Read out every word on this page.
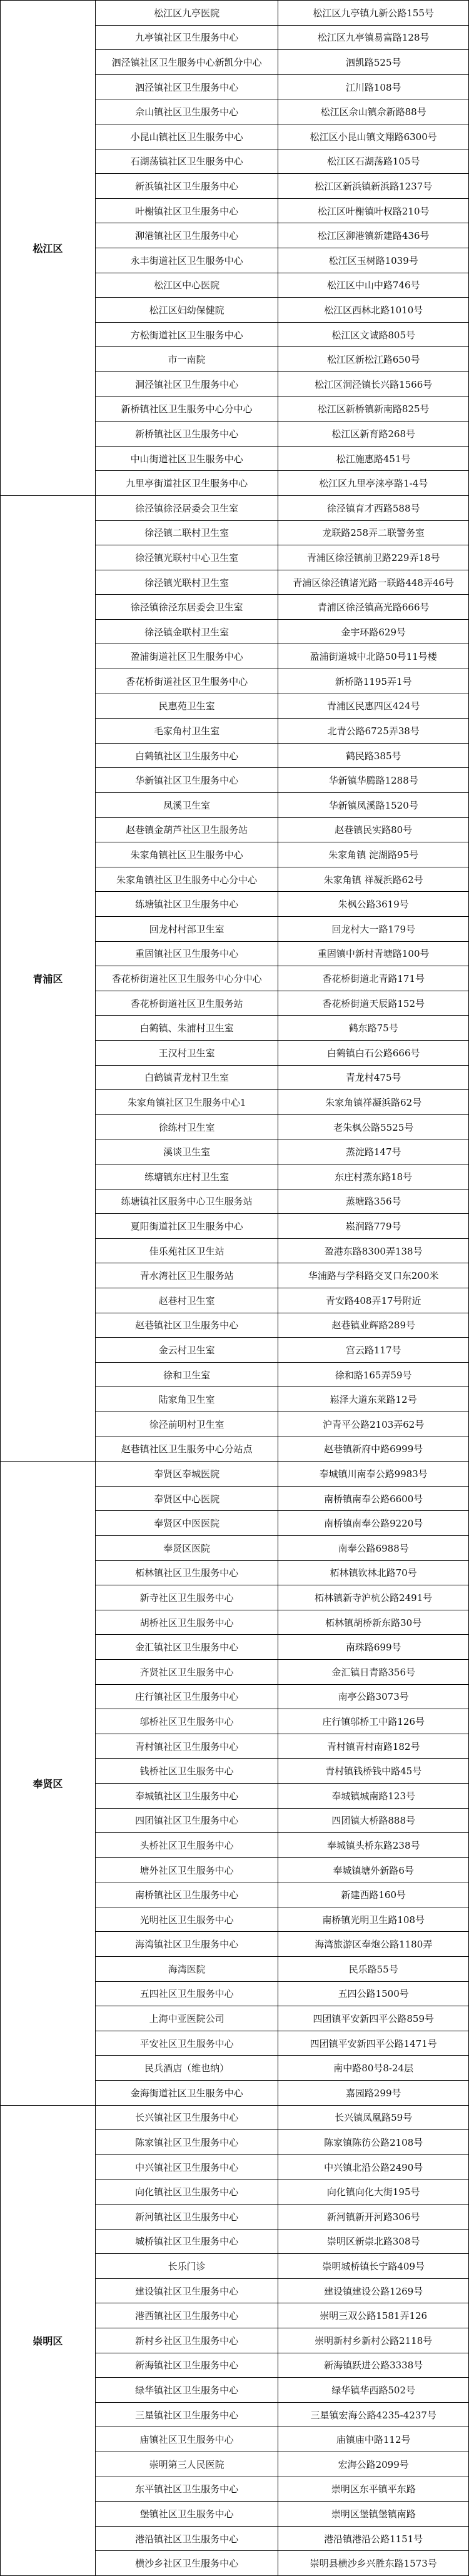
松江区
松江区九亭医院	松江区九亭镇九新公路155号
九亭镇社区卫生服务中心	松江区九亭镇易富路128号
泗泾镇社区卫生服务中心新凯分中心	泗凯路525号
泗泾镇社区卫生服务中心	江川路108号
佘山镇社区卫生服务中心	松江区佘山镇佘新路88号
小昆山镇社区卫生服务中心	松江区小昆山镇文翔路6300号
石湖荡镇社区卫生服务中心	松江区石湖荡路105号
新浜镇社区卫生服务中心	松江区新浜镇新浜路1237号
叶榭镇社区卫生服务中心	松江区叶榭镇叶权路210号
泖港镇社区卫生服务中心	松江区泖港镇新建路436号
永丰街道社区卫生服务中心	松江区玉树路1039号
松江区中心医院	松江区中山中路746号
松江区妇幼保健院	松江区西林北路1010号
方松街道社区卫生服务中心	松江区文诚路805号
市一南院	松江区新松江路650号
洞泾镇社区卫生服务中心	松江区洞泾镇长兴路1566号
新桥镇社区卫生服务中心分中心	松江区新桥镇新南路825号
新桥镇社区卫生服务中心	松江区新育路268号
中山街道社区卫生服务中心	松江施惠路451号
九里亭街道社区卫生服务中心	松江区九里亭涞亭路1-4号
青浦区
徐泾镇徐泾居委会卫生室	徐泾镇育才西路588号
徐泾镇二联村卫生室	龙联路258弄二联警务室
徐泾镇光联村中心卫生室	青浦区徐泾镇前卫路229弄18号
徐泾镇光联村卫生室	青浦区徐泾镇诸光路一联路448弄46号
徐泾镇徐泾东居委会卫生室	青浦区徐泾镇高光路666号
徐泾镇金联村卫生室	金宇环路629号
盈浦街道社区卫生服务中心	盈浦街道城中北路50号11号楼
香花桥街道社区卫生服务中心	新桥路1195弄1号
民惠苑卫生室	青浦区民惠四区424号
毛家角村卫生室	北青公路6725弄38号
白鹤镇社区卫生服务中心	鹤民路385号
华新镇社区卫生服务中心	华新镇华腾路1288号
凤溪卫生室	华新镇凤溪路1520号
赵巷镇金葫芦社区卫生服务站	赵巷镇民实路80号
朱家角镇社区卫生服务中心	朱家角镇 淀湖路95号
朱家角镇社区卫生服务中心分中心	朱家角镇 祥凝浜路62号
练塘镇社区卫生服务中心	朱枫公路3619号
回龙村村部卫生室	回龙村大一路179号
重固镇社区卫生服务中心	重固镇中新村青塘路100号
香花桥街道社区卫生服务中心分中心	香花桥街道北青路171号
香花桥街道社区卫生服务站	香花桥街道天辰路152号
白鹤镇、朱浦村卫生室	鹤东路75号
王汉村卫生室	白鹤镇白石公路666号
白鹤镇青龙村卫生室	青龙村475号
朱家角镇社区卫生服务中心1	朱家角镇祥凝浜路62号
徐练村卫生室	老朱枫公路5525号
溪谈卫生室	蒸淀路147号
练塘镇东庄村卫生室	东庄村蒸东路18号
练塘镇社区服务中心卫生服务站	蒸塘路356号
夏阳街道社区卫生服务中心	崧润路779号
佳乐苑社区卫生站	盈港东路8300弄138号
青水湾社区卫生服务站	华浦路与学科路交叉口东200米
赵巷村卫生室	青安路408弄17号附近
赵巷镇社区卫生服务中心	赵巷镇业辉路289号
金云村卫生室	宫云路117号
徐和卫生室	徐和路165弄59号
陆家角卫生室	崧泽大道东莱路12号
徐泾前明村卫生室	沪青平公路2103弄62号
赵巷镇社区卫生服务中心分站点	赵巷镇新府中路6999号
奉贤区
奉贤区奉城医院	奉城镇川南奉公路9983号
奉贤区中心医院	南桥镇南奉公路6600号
奉贤区中医医院	南桥镇南奉公路9220号
奉贤区医院	南奉公路6988号
柘林镇社区卫生服务中心	柘林镇钦林北路70号
新寺社区卫生服务中心	柘林镇新寺沪杭公路2491号
胡桥社区卫生服务中心	柘林镇胡桥新东路30号
金汇镇社区卫生服务中心	南珠路699号
齐贤社区卫生服务中心	金汇镇日青路356号
庄行镇社区卫生服务中心	南亭公路3073号
邬桥社区卫生服务中心	庄行镇邬桥工中路126号
青村镇社区卫生服务中心	青村镇青村南路182号
钱桥社区卫生服务中心	青村镇钱桥钱中路45号
奉城镇社区卫生服务中心	奉城镇城南路123号
四团镇社区卫生服务中心	四团镇大桥路888号
头桥社区卫生服务中心	奉城镇头桥东路238号
塘外社区卫生服务中心	奉城镇塘外新路6号
南桥镇社区卫生服务中心	新建西路160号
光明社区卫生服务中心	南桥镇光明卫生路108号
海湾镇社区卫生服务中心	海湾旅游区奉炮公路1180弄
海湾医院	民乐路55号
五四社区卫生服务中心	五四公路1500号
上海中亚医院公司	四团镇平安新四平公路859号
平安社区卫生服务中心	四团镇平安新四平公路1471号
民兵酒店（维也纳）	南中路80号8-24层
金海街道社区卫生服务中心	嘉园路299号
崇明区
长兴镇社区卫生服务中心	长兴镇凤凰路59号
陈家镇社区卫生服务中心	陈家镇陈彷公路2108号
中兴镇社区卫生服务中心	中兴镇北沿公路2490号
向化镇社区卫生服务中心	向化镇向化大街195号
新河镇社区卫生服务中心	新河镇新开河路306号
城桥镇社区卫生服务中心	崇明区新崇北路308号
长乐门诊	崇明城桥镇长宁路409号
建设镇社区卫生服务中心	建设镇建设公路1269号
港西镇社区卫生服务中心	崇明三双公路1581弄126
新村乡社区卫生服务中心	崇明新村乡新村公路2118号
新海镇社区卫生服务中心	新海镇跃进公路3338号
绿华镇社区卫生服务中心	绿华镇华西路502号
三星镇社区卫生服务中心	三星镇宏海公路4235-4237号
庙镇社区卫生服务中心	庙镇庙中路112号
崇明第三人民医院	宏海公路2099号
东平镇社区卫生服务中心	崇明区东平镇平东路
堡镇社区卫生服务中心	崇明区堡镇堡镇南路
港沿镇社区卫生服务中心	港沿镇港沿公路1151号
横沙乡社区卫生服务中心	崇明县横沙乡兴胜东路1573号
